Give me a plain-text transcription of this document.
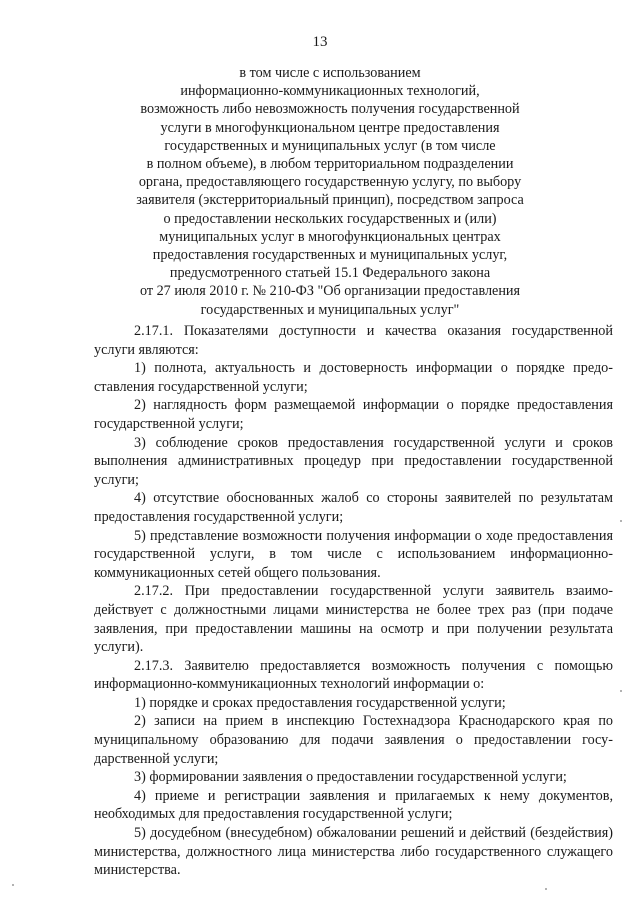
13
в том числе с использованием
информационно-коммуникационных технологий,
возможность либо невозможность получения государственной
услуги в многофункциональном центре предоставления
государственных и муниципальных услуг (в том числе
в полном объеме), в любом территориальном подразделении
органа, предоставляющего государственную услугу, по выбору
заявителя (экстерриториальный принцип), посредством запроса
о предоставлении нескольких государственных и (или)
муниципальных услуг в многофункциональных центрах
предоставления государственных и муниципальных услуг,
предусмотренного статьей 15.1 Федерального закона
от 27 июля 2010 г. № 210-ФЗ "Об организации предоставления
государственных и муниципальных услуг"

2.17.1. Показателями доступности и качества оказания государственной услуги являются:

1) полнота, актуальность и достоверность информации о порядке предоставления государственной услуги;

2) наглядность форм размещаемой информации о порядке предоставления государственной услуги;

3) соблюдение сроков предоставления государственной услуги и сроков выполнения административных процедур при предоставлении государственной услуги;

4) отсутствие обоснованных жалоб со стороны заявителей по результатам предоставления государственной услуги;

5) представление возможности получения информации о ходе предоставления государственной услуги, в том числе с использованием информационно-коммуникационных сетей общего пользования.

2.17.2. При предоставлении государственной услуги заявитель взаимодействует с должностными лицами министерства не более трех раз (при подаче заявления, при предоставлении машины на осмотр и при получении результата услуги).

2.17.3. Заявителю предоставляется возможность получения с помощью информационно-коммуникационных технологий информации о:

1) порядке и сроках предоставления государственной услуги;

2) записи на прием в инспекцию Гостехнадзора Краснодарского края по муниципальному образованию для подачи заявления о предоставлении государственной услуги;

3) формировании заявления о предоставлении государственной услуги;

4) приеме и регистрации заявления и прилагаемых к нему документов, необходимых для предоставления государственной услуги;

5) досудебном (внесудебном) обжаловании решений и действий (бездействия) министерства, должностного лица министерства либо государственного служащего министерства.
